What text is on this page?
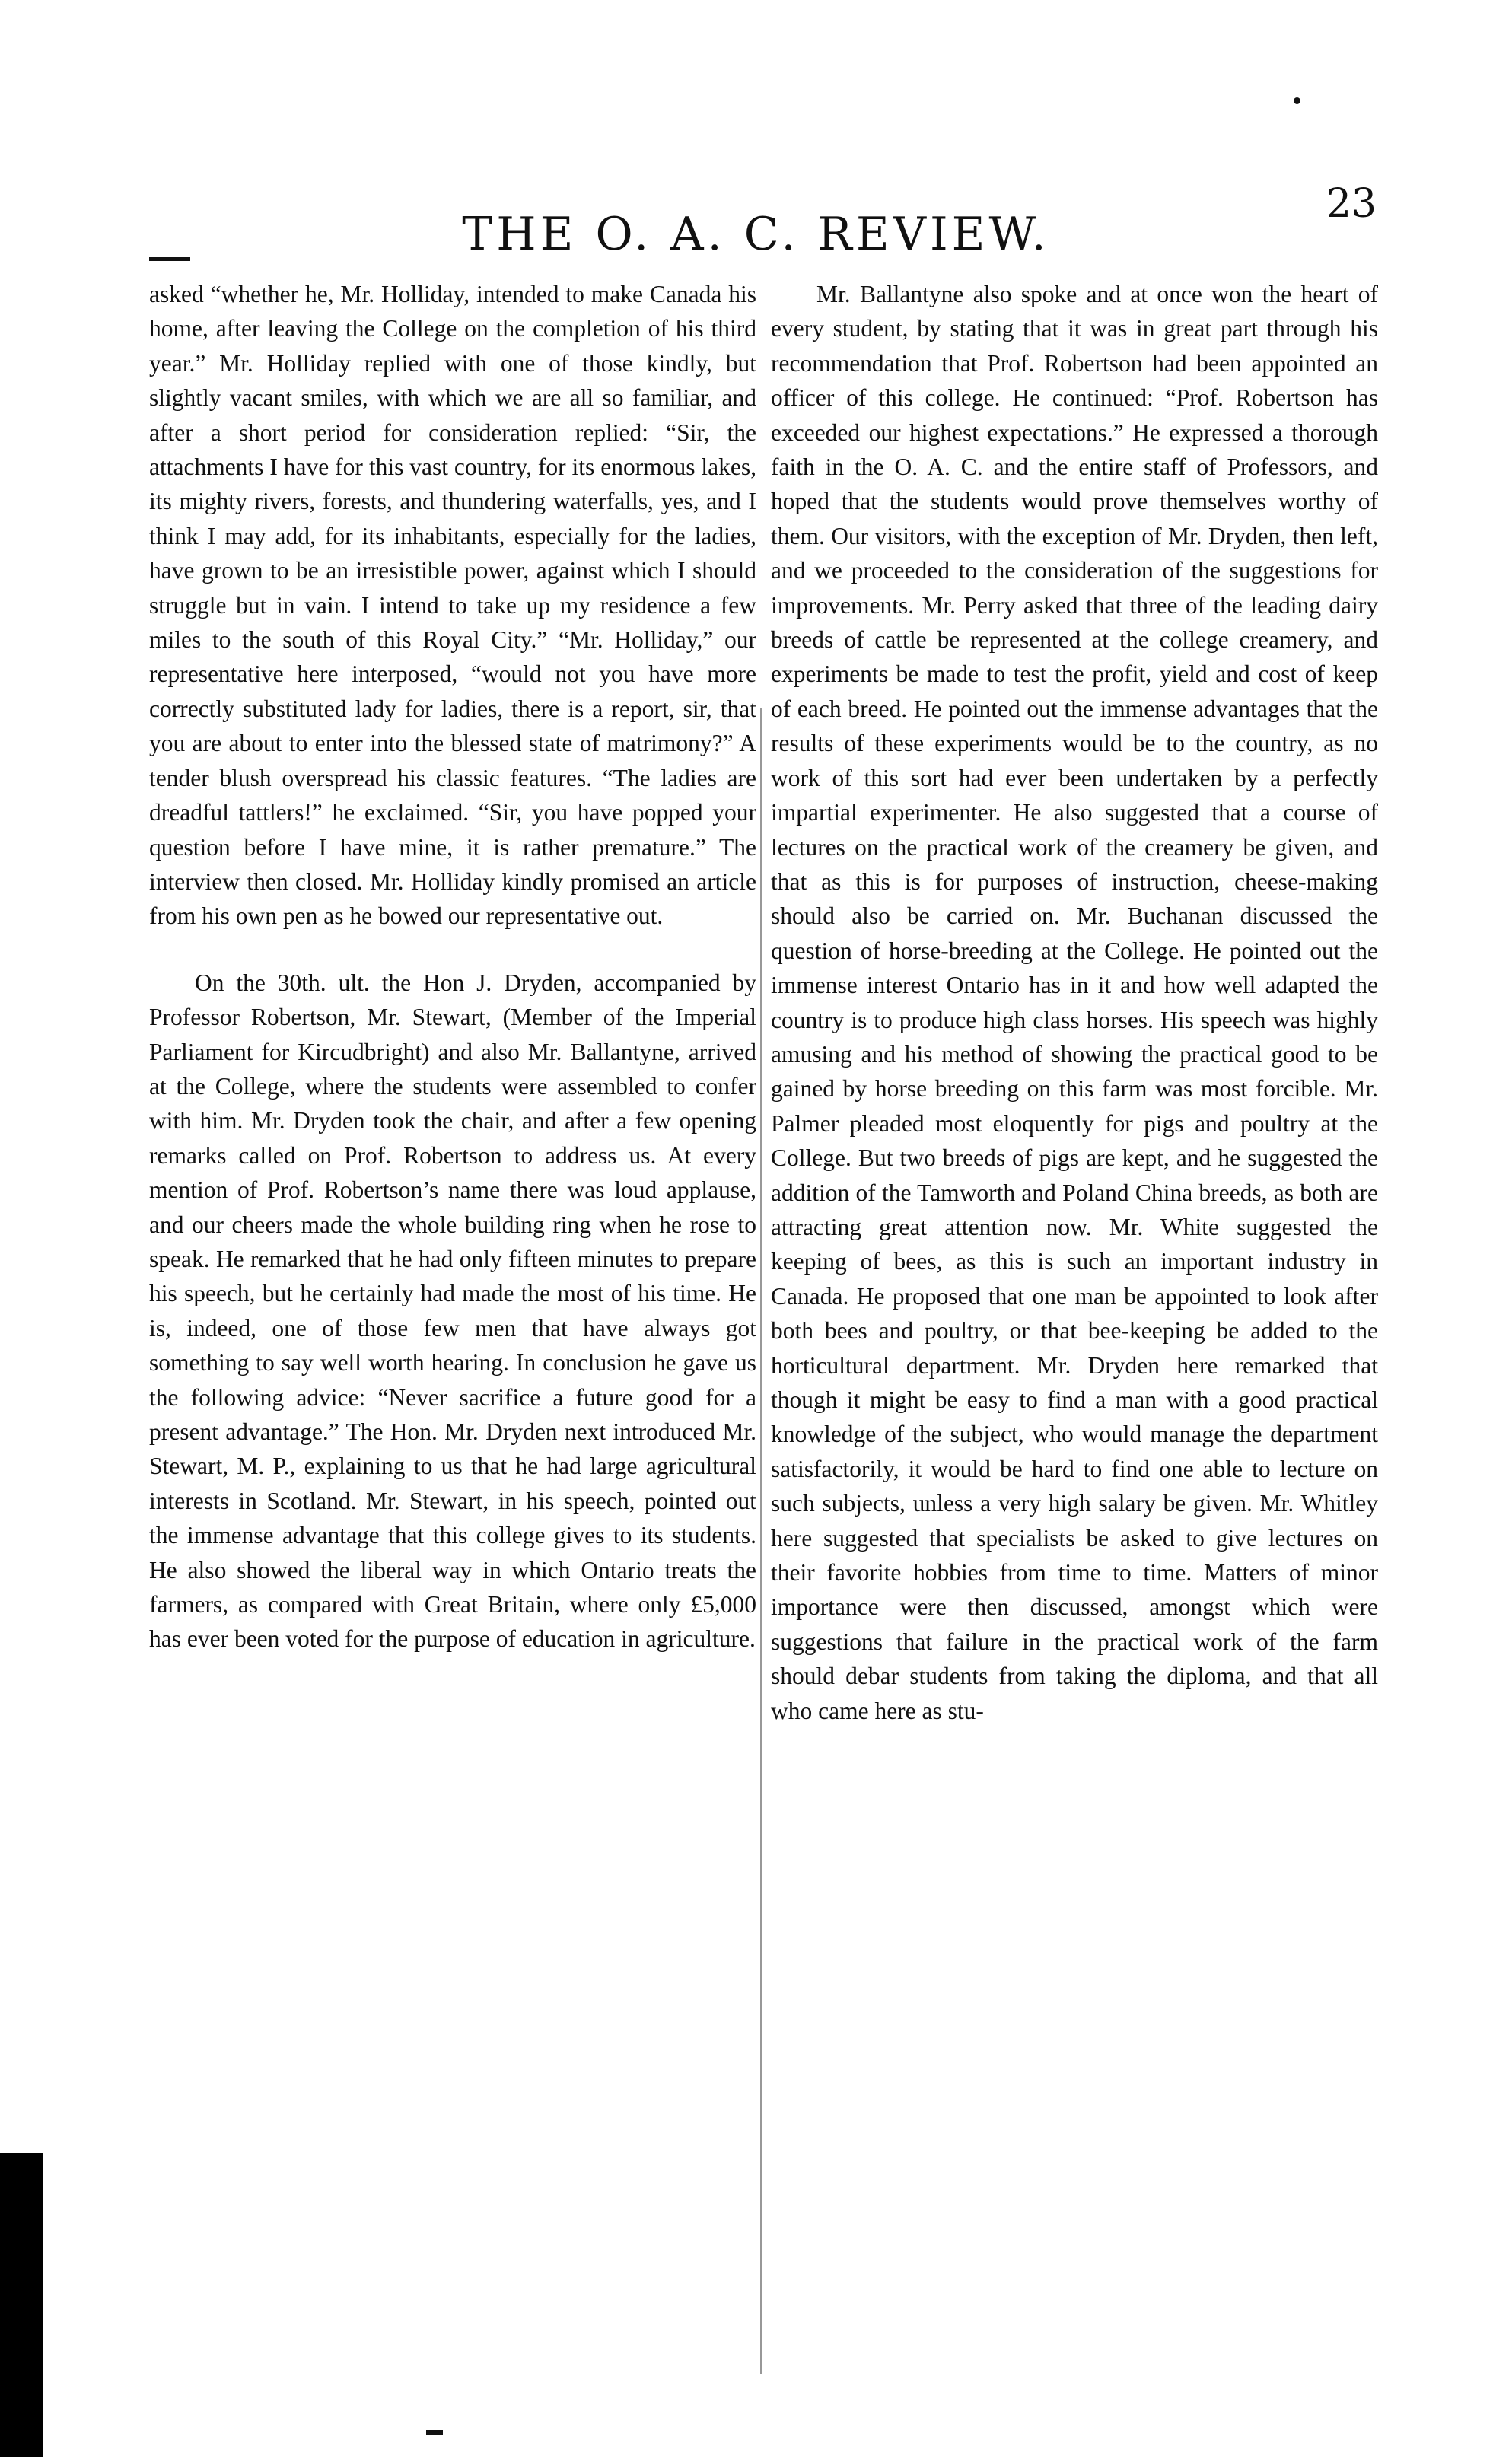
THE O. A. C. REVIEW.
23

asked “whether he, Mr. Holliday, intended to make Canada his home, after leaving the College on the completion of his third year.” Mr. Holliday replied with one of those kindly, but slightly vacant smiles, with which we are all so familiar, and after a short period for consideration replied: “Sir, the attachments I have for this vast country, for its enormous lakes, its mighty rivers, forests, and thundering waterfalls, yes, and I think I may add, for its inhabitants, especially for the ladies, have grown to be an irresistible power, against which I should struggle but in vain. I intend to take up my residence a few miles to the south of this Royal City.” “Mr. Holliday,” our representative here interposed, “would not you have more correctly substituted lady for ladies, there is a report, sir, that you are about to enter into the blessed state of matrimony?” A tender blush overspread his classic features. “The ladies are dreadful tattlers!” he exclaimed. “Sir, you have popped your question before I have mine, it is rather premature.” The interview then closed. Mr. Holliday kindly promised an article from his own pen as he bowed our representative out.

On the 30th. ult. the Hon J. Dryden, accompanied by Professor Robertson, Mr. Stewart, (Member of the Imperial Parliament for Kircudbright) and also Mr. Ballantyne, arrived at the College, where the students were assembled to confer with him. Mr. Dryden took the chair, and after a few opening remarks called on Prof. Robertson to address us. At every mention of Prof. Robertson’s name there was loud applause, and our cheers made the whole building ring when he rose to speak. He remarked that he had only fifteen minutes to prepare his speech, but he certainly had made the most of his time. He is, indeed, one of those few men that have always got something to say well worth hearing. In conclusion he gave us the following advice: “Never sacrifice a future good for a present advantage.” The Hon. Mr. Dryden next introduced Mr. Stewart, M. P., explaining to us that he had large agricultural interests in Scotland. Mr. Stewart, in his speech, pointed out the immense advantage that this college gives to its students. He also showed the liberal way in which Ontario treats the farmers, as compared with Great Britain, where only £5,000 has ever been voted for the purpose of education in agriculture.

Mr. Ballantyne also spoke and at once won the heart of every student, by stating that it was in great part through his recommendation that Prof. Robertson had been appointed an officer of this college. He continued: “Prof. Robertson has exceeded our highest expectations.” He expressed a thorough faith in the O. A. C. and the entire staff of Professors, and hoped that the students would prove themselves worthy of them. Our visitors, with the exception of Mr. Dryden, then left, and we proceeded to the consideration of the suggestions for improvements. Mr. Perry asked that three of the leading dairy breeds of cattle be represented at the college creamery, and experiments be made to test the profit, yield and cost of keep of each breed. He pointed out the immense advantages that the results of these experiments would be to the country, as no work of this sort had ever been undertaken by a perfectly impartial experimenter. He also suggested that a course of lectures on the practical work of the creamery be given, and that as this is for purposes of instruction, cheese-making should also be carried on. Mr. Buchanan discussed the question of horse-breeding at the College. He pointed out the immense interest Ontario has in it and how well adapted the country is to produce high class horses. His speech was highly amusing and his method of showing the practical good to be gained by horse breeding on this farm was most forcible. Mr. Palmer pleaded most eloquently for pigs and poultry at the College. But two breeds of pigs are kept, and he suggested the addition of the Tamworth and Poland China breeds, as both are attracting great attention now. Mr. White suggested the keeping of bees, as this is such an important industry in Canada. He proposed that one man be appointed to look after both bees and poultry, or that bee-keeping be added to the horticultural department. Mr. Dryden here remarked that though it might be easy to find a man with a good practical knowledge of the subject, who would manage the department satisfactorily, it would be hard to find one able to lecture on such subjects, unless a very high salary be given. Mr. Whitley here suggested that specialists be asked to give lectures on their favorite hobbies from time to time. Matters of minor importance were then discussed, amongst which were suggestions that failure in the practical work of the farm should debar students from taking the diploma, and that all who came here as stu-
